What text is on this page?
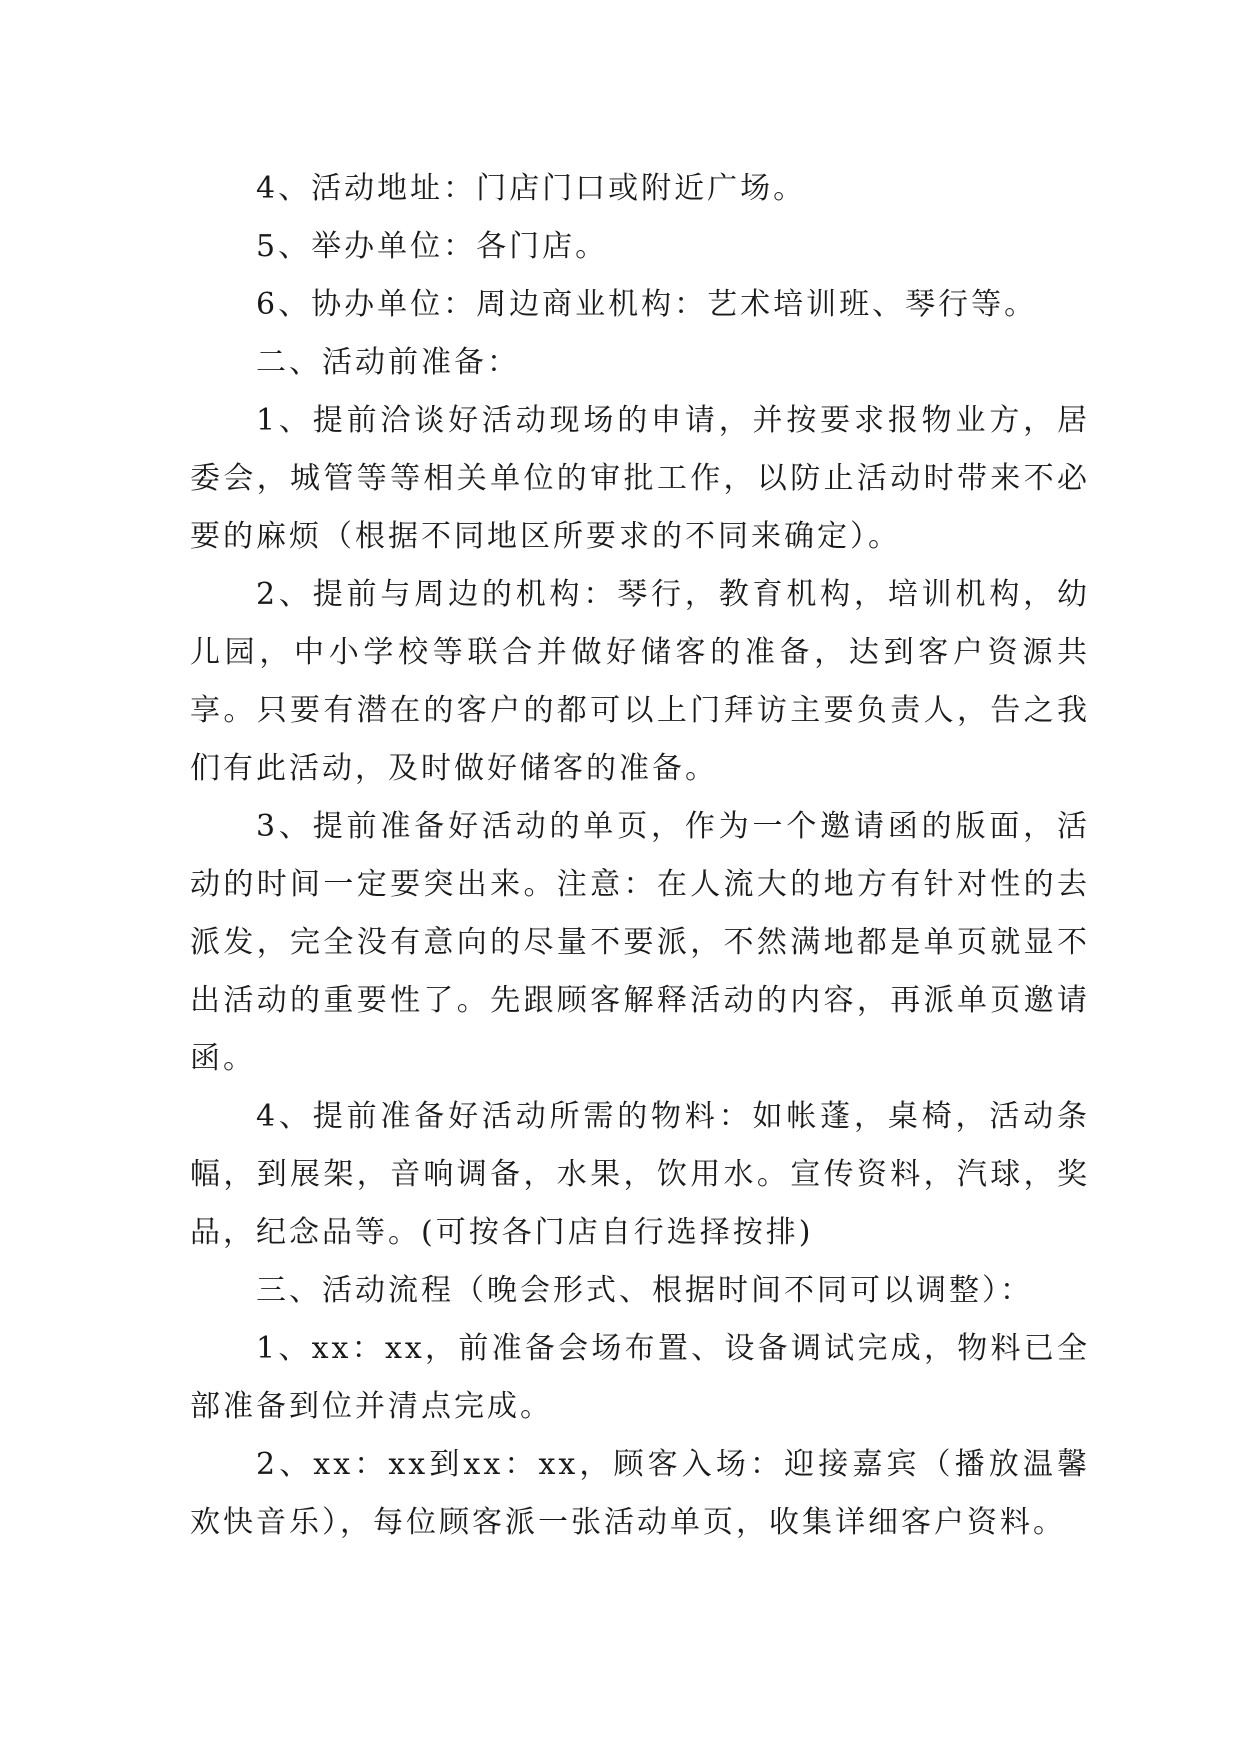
4、活动地址：门店门口或附近广场。

5、举办单位：各门店。

6、协办单位：周边商业机构：艺术培训班、琴行等。

二、活动前准备：

1、提前洽谈好活动现场的申请，并按要求报物业方，居委会，城管等等相关单位的审批工作，以防止活动时带来不必要的麻烦（根据不同地区所要求的不同来确定）。

2、提前与周边的机构：琴行，教育机构，培训机构，幼儿园，中小学校等联合并做好储客的准备，达到客户资源共享。只要有潜在的客户的都可以上门拜访主要负责人，告之我们有此活动，及时做好储客的准备。

3、提前准备好活动的单页，作为一个邀请函的版面，活动的时间一定要突出来。注意：在人流大的地方有针对性的去派发，完全没有意向的尽量不要派，不然满地都是单页就显不出活动的重要性了。先跟顾客解释活动的内容，再派单页邀请函。

4、提前准备好活动所需的物料：如帐蓬，桌椅，活动条幅，到展架，音响调备，水果，饮用水。宣传资料，汽球，奖品，纪念品等。(可按各门店自行选择按排)

三、活动流程（晚会形式、根据时间不同可以调整）：

1、xx：xx，前准备会场布置、设备调试完成，物料已全部准备到位并清点完成。

2、xx：xx到xx：xx，顾客入场：迎接嘉宾（播放温馨欢快音乐），每位顾客派一张活动单页，收集详细客户资料。
